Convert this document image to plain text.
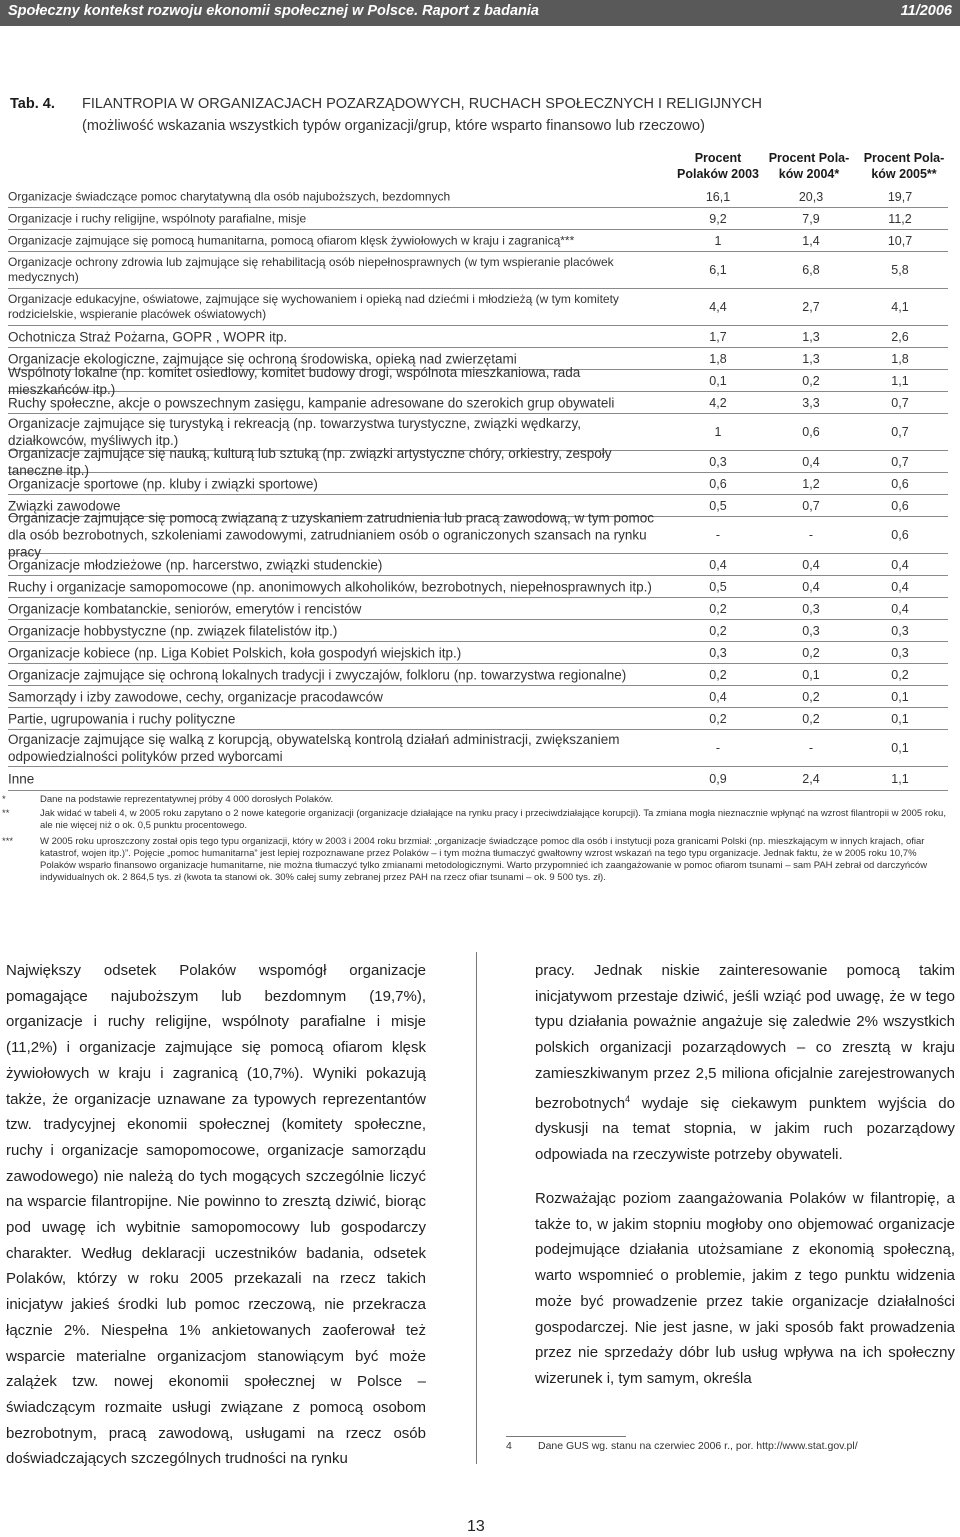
Społeczny kontekst rozwoju ekonomii społecznej w Polsce. Raport z badania	11/2006
Tab. 4. FILANTROPIA W ORGANIZACJACH POZARZĄDOWYCH, RUCHACH SPOŁECZNYCH I RELIGIJNYCH
(możliwość wskazania wszystkich typów organizacji/grup, które wsparto finansowo lub rzeczowo)
Procent
Polaków 2003
Procent Pola-
ków 2004*
Procent Pola-
ków 2005**
Organizacje świadczące pomoc charytatywną dla osób najuboższych, bezdomnych	16,1	20,3	19,7
Organizacje i ruchy religijne, wspólnoty parafialne, misje	9,2	7,9	11,2
Organizacje zajmujące się pomocą humanitarna, pomocą ofiarom klęsk żywiołowych w kraju i zagranicą***	1	1,4	10,7
Organizacje ochrony zdrowia lub zajmujące się rehabilitacją osób niepełnosprawnych (w tym wspieranie placówek medycznych)	6,1	6,8	5,8
Organizacje edukacyjne, oświatowe, zajmujące się wychowaniem i opieką nad dziećmi i młodzieżą (w tym komitety rodzicielskie, wspieranie placówek oświatowych)	4,4	2,7	4,1
Ochotnicza Straż Pożarna, GOPR , WOPR itp.	1,7	1,3	2,6
Organizacje ekologiczne, zajmujące się ochroną środowiska, opieką nad zwierzętami	1,8	1,3	1,8
Wspólnoty lokalne (np. komitet osiedlowy, komitet budowy drogi, wspólnota mieszkaniowa, rada mieszkańców itp.)
0,1	0,2	1,1
Ruchy społeczne, akcje o powszechnym zasięgu, kampanie adresowane do szerokich grup obywateli	4,2	3,3	0,7
Organizacje zajmujące się turystyką i rekreacją (np. towarzystwa turystyczne, związki wędkarzy, działkowców, myśliwych itp.)
1	0,6	0,7
Organizacje zajmujące się nauką, kulturą lub sztuką (np. związki artystyczne chóry, orkiestry, zespoły taneczne itp.)
0,3	0,4	0,7
Organizacje sportowe (np. kluby i związki sportowe)	0,6	1,2	0,6
Związki zawodowe	0,5	0,7	0,6
Organizacje zajmujące się pomocą związaną z uzyskaniem zatrudnienia lub pracą zawodową, w tym pomoc dla osób bezrobotnych, szkoleniami zawodowymi, zatrudnianiem osób o ograniczonych szansach na rynku pracy
-	-	0,6
Organizacje młodzieżowe (np. harcerstwo, związki studenckie)	0,4	0,4	0,4
Ruchy i organizacje samopomocowe (np. anonimowych alkoholików, bezrobotnych, niepełnosprawnych itp.)	0,5	0,4	0,4
Organizacje kombatanckie, seniorów, emerytów i rencistów	0,2	0,3	0,4
Organizacje hobbystyczne (np. związek filatelistów itp.)	0,2	0,3	0,3
Organizacje kobiece (np. Liga Kobiet Polskich, koła gospodyń wiejskich itp.)	0,3	0,2	0,3
Organizacje zajmujące się ochroną lokalnych tradycji i zwyczajów, folkloru (np. towarzystwa regionalne)	0,2	0,1	0,2
Samorządy i izby zawodowe, cechy, organizacje pracodawców	0,4	0,2	0,1
Partie, ugrupowania i ruchy polityczne	0,2	0,2	0,1
Organizacje zajmujące się walką z korupcją, obywatelską kontrolą działań administracji, zwiększaniem odpowiedzialności polityków przed wyborcami
-	-	0,1
Inne	0,9	2,4	1,1
*	Dane na podstawie reprezentatywnej próby 4 000 dorosłych Polaków.
**	Jak widać w tabeli 4, w 2005 roku zapytano o 2 nowe kategorie organizacji (organizacje działające na rynku pracy i przeciwdziałające korupcji). Ta zmiana mogła nieznacznie wpłynąć na wzrost filantropii w 2005 roku, ale nie więcej niż o ok. 0,5 punktu procentowego.
***	W 2005 roku uproszczony został opis tego typu organizacji, który w 2003 i 2004 roku brzmiał: „organizacje świadczące pomoc dla osób i instytucji poza granicami Polski (np. mieszkającym w innych krajach, ofiar katastrof, wojen itp.)”. Pojęcie „pomoc humanitarna” jest lepiej rozpoznawane przez Polaków – i tym można tłumaczyć gwałtowny wzrost wskazań na tego typu organizacje. Jednak faktu, że w 2005 roku 10,7% Polaków wsparło finansowo organizacje humanitarne, nie można tłumaczyć tylko zmianami metodologicznymi. Warto przypomnieć ich zaangażowanie w pomoc ofiarom tsunami – sam PAH zebrał od darczyńców indywidualnych ok. 2 864,5 tys. zł (kwota ta stanowi ok. 30% całej sumy zebranej przez PAH na rzecz ofiar tsunami – ok. 9 500 tys. zł).
Największy odsetek Polaków wspomógł organizacje pomagające najuboższym lub bezdomnym (19,7%), organizacje i ruchy religijne, wspólnoty parafialne i misje (11,2%) i organizacje zajmujące się pomocą ofiarom klęsk żywiołowych w kraju i zagranicą (10,7%). Wyniki pokazują także, że organizacje uznawane za typowych reprezentantów tzw. tradycyjnej ekonomii społecznej (komitety społeczne, ruchy i organizacje samopomocowe, organizacje samorządu zawodowego) nie należą do tych mogących szczególnie liczyć na wsparcie filantropijne. Nie powinno to zresztą dziwić, biorąc pod uwagę ich wybitnie samopomocowy lub gospodarczy charakter. Według deklaracji uczestników badania, odsetek Polaków, którzy w roku 2005 przekazali na rzecz takich inicjatyw jakieś środki lub pomoc rzeczową, nie przekracza łącznie 2%. Niespełna 1% ankietowanych zaoferował też wsparcie materialne organizacjom stanowiącym być może zalążek tzw. nowej ekonomii społecznej w Polsce – świadczącym rozmaite usługi związane z pomocą osobom bezrobotnym, pracą zawodową, usługami na rzecz osób doświadczających szczególnych trudności na rynku
pracy. Jednak niskie zainteresowanie pomocą takim inicjatywom przestaje dziwić, jeśli wziąć pod uwagę, że w tego typu działania poważnie angażuje się zaledwie 2% wszystkich polskich organizacji pozarządowych – co zresztą w kraju zamieszkiwanym przez 2,5 miliona oficjalnie zarejestrowanych bezrobotnych$^4$ wydaje się ciekawym punktem wyjścia do dyskusji na temat stopnia, w jakim ruch pozarządowy odpowiada na rzeczywiste potrzeby obywateli.
Rozważając poziom zaangażowania Polaków w filantropię, a także to, w jakim stopniu mogłoby ono objemować organizacje podejmujące działania utożsamiane z ekonomią społeczną, warto wspomnieć o problemie, jakim z tego punktu widzenia może być prowadzenie przez takie organizacje działalności gospodarczej. Nie jest jasne, w jaki sposób fakt prowadzenia przez nie sprzedaży dóbr lub usług wpływa na ich społeczny wizerunek i, tym samym, określa
4 Dane GUS wg. stanu na czerwiec 2006 r., por. http://www.stat.gov.pl/
13
